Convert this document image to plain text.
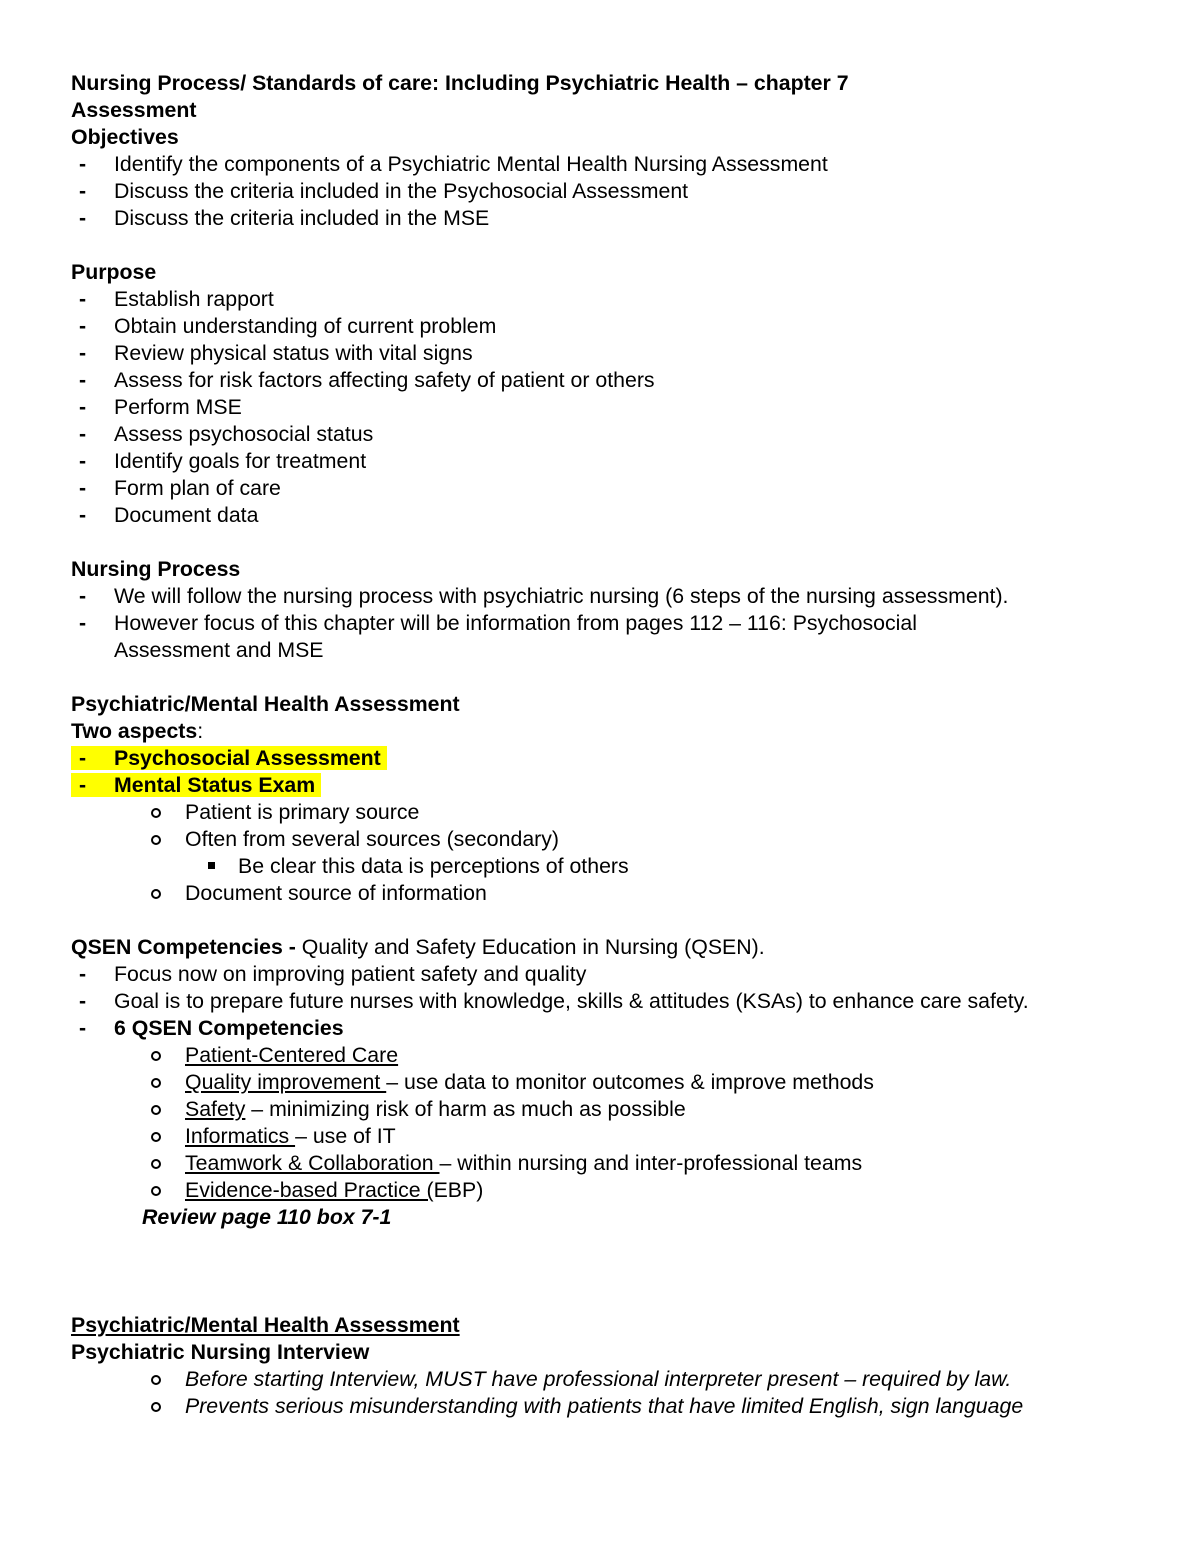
Nursing Process/ Standards of care: Including Psychiatric Health – chapter 7
Assessment
Objectives
- Identify the components of a Psychiatric Mental Health Nursing Assessment
- Discuss the criteria included in the Psychosocial Assessment
- Discuss the criteria included in the MSE
Purpose
- Establish rapport
- Obtain understanding of current problem
- Review physical status with vital signs
- Assess for risk factors affecting safety of patient or others
- Perform MSE
- Assess psychosocial status
- Identify goals for treatment
- Form plan of care
- Document data
Nursing Process
- We will follow the nursing process with psychiatric nursing (6 steps of the nursing assessment).
- However focus of this chapter will be information from pages 112 – 116: Psychosocial Assessment and MSE
Psychiatric/Mental Health Assessment
Two aspects:
- Psychosocial Assessment
- Mental Status Exam
Patient is primary source
Often from several sources (secondary)
Be clear this data is perceptions of others
Document source of information
QSEN Competencies - Quality and Safety Education in Nursing (QSEN).
- Focus now on improving patient safety and quality
- Goal is to prepare future nurses with knowledge, skills & attitudes (KSAs) to enhance care safety.
- 6 QSEN Competencies
Patient-Centered Care
Quality improvement – use data to monitor outcomes & improve methods
Safety – minimizing risk of harm as much as possible
Informatics – use of IT
Teamwork & Collaboration – within nursing and inter-professional teams
Evidence-based Practice (EBP)
Review page 110 box 7-1
Psychiatric/Mental Health Assessment
Psychiatric Nursing Interview
Before starting Interview, MUST have professional interpreter present – required by law.
Prevents serious misunderstanding with patients that have limited English, sign language
